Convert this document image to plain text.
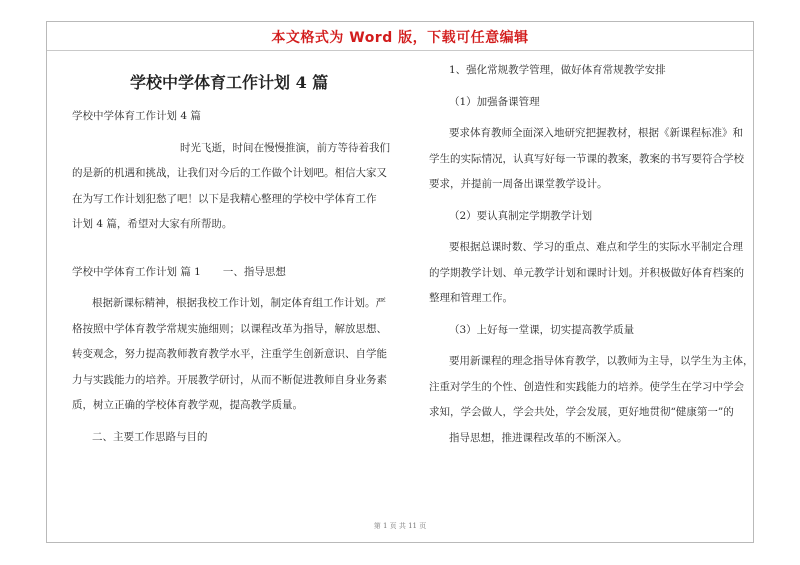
本文格式为 Word 版，下载可任意编辑
学校中学体育工作计划 4 篇

学校中学体育工作计划 4 篇

时光飞逝，时间在慢慢推演，前方等待着我们

的是新的机遇和挑战，让我们对今后的工作做个计划吧。相信大家又

在为写工作计划犯愁了吧！以下是我精心整理的学校中学体育工作

计划 4 篇，希望对大家有所帮助。

学校中学体育工作计划 篇 1 一、指导思想

根据新课标精神，根据我校工作计划，制定体育组工作计划。严

格按照中学体育教学常规实施细则；以课程改革为指导，解放思想、

转变观念，努力提高教师教育教学水平，注重学生创新意识、自学能

力与实践能力的培养。开展教学研讨，从而不断促进教师自身业务素

质，树立正确的学校体育教学观，提高教学质量。

二、主要工作思路与目的

1、强化常规教学管理，做好体育常规教学安排

（1）加强备课管理

要求体育教师全面深入地研究把握教材，根据《新课程标准》和

学生的实际情况，认真写好每一节课的教案，教案的书写要符合学校

要求，并提前一周备出课堂教学设计。

（2）要认真制定学期教学计划

要根据总课时数、学习的重点、难点和学生的实际水平制定合理

的学期教学计划、单元教学计划和课时计划。并积极做好体育档案的

整理和管理工作。

（3）上好每一堂课，切实提高教学质量

要用新课程的理念指导体育教学，以教师为主导，以学生为主体，

注重对学生的个性、创造性和实践能力的培养。使学生在学习中学会

求知，学会做人，学会共处，学会发展，更好地贯彻“健康第一”的

指导思想，推进课程改革的不断深入。

第 1 页 共 11 页
